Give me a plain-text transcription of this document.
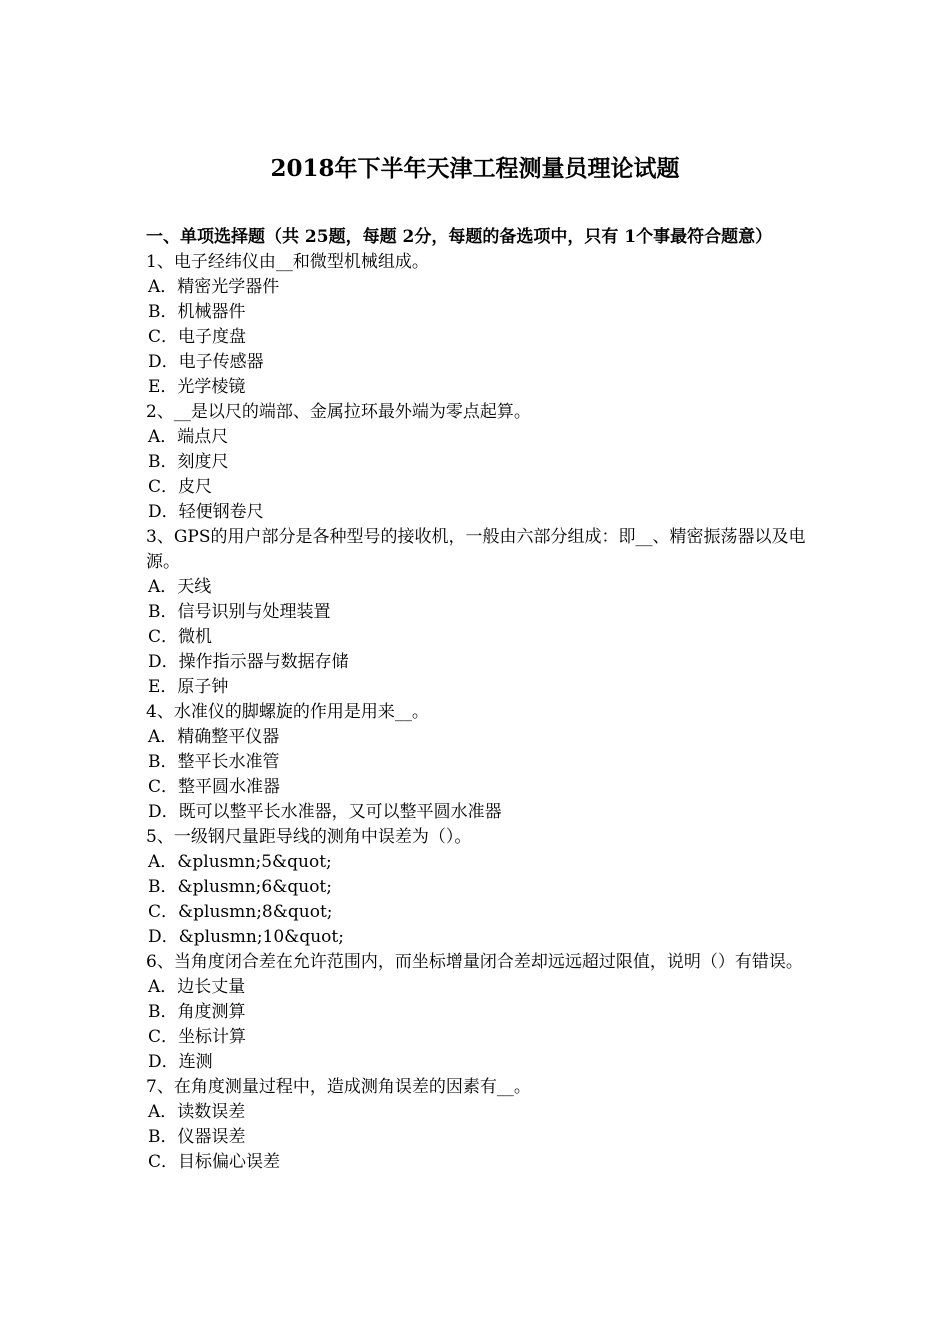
2018年下半年天津工程测量员理论试题

一、单项选择题（共 25题，每题 2分，每题的备选项中，只有 1个事最符合题意）

1、电子经纬仪由__和微型机械组成。

A．精密光学器件

B．机械器件

C．电子度盘

D．电子传感器

E．光学棱镜

2、__是以尺的端部、金属拉环最外端为零点起算。

A．端点尺

B．刻度尺

C．皮尺

D．轻便钢卷尺

3、GPS的用户部分是各种型号的接收机，一般由六部分组成：即__、精密振荡器以及电源。

A．天线

B．信号识别与处理装置

C．微机

D．操作指示器与数据存储

E．原子钟

4、水准仪的脚螺旋的作用是用来__。

A．精确整平仪器

B．整平长水准管

C．整平圆水准器

D．既可以整平长水准器，又可以整平圆水准器

5、一级钢尺量距导线的测角中误差为（）。

A．&plusmn;5&quot;

B．&plusmn;6&quot;

C．&plusmn;8&quot;

D．&plusmn;10&quot;

6、当角度闭合差在允许范围内，而坐标增量闭合差却远远超过限值，说明（）有错误。

A．边长丈量

B．角度测算

C．坐标计算

D．连测

7、在角度测量过程中，造成测角误差的因素有__。

A．读数误差

B．仪器误差

C．目标偏心误差
